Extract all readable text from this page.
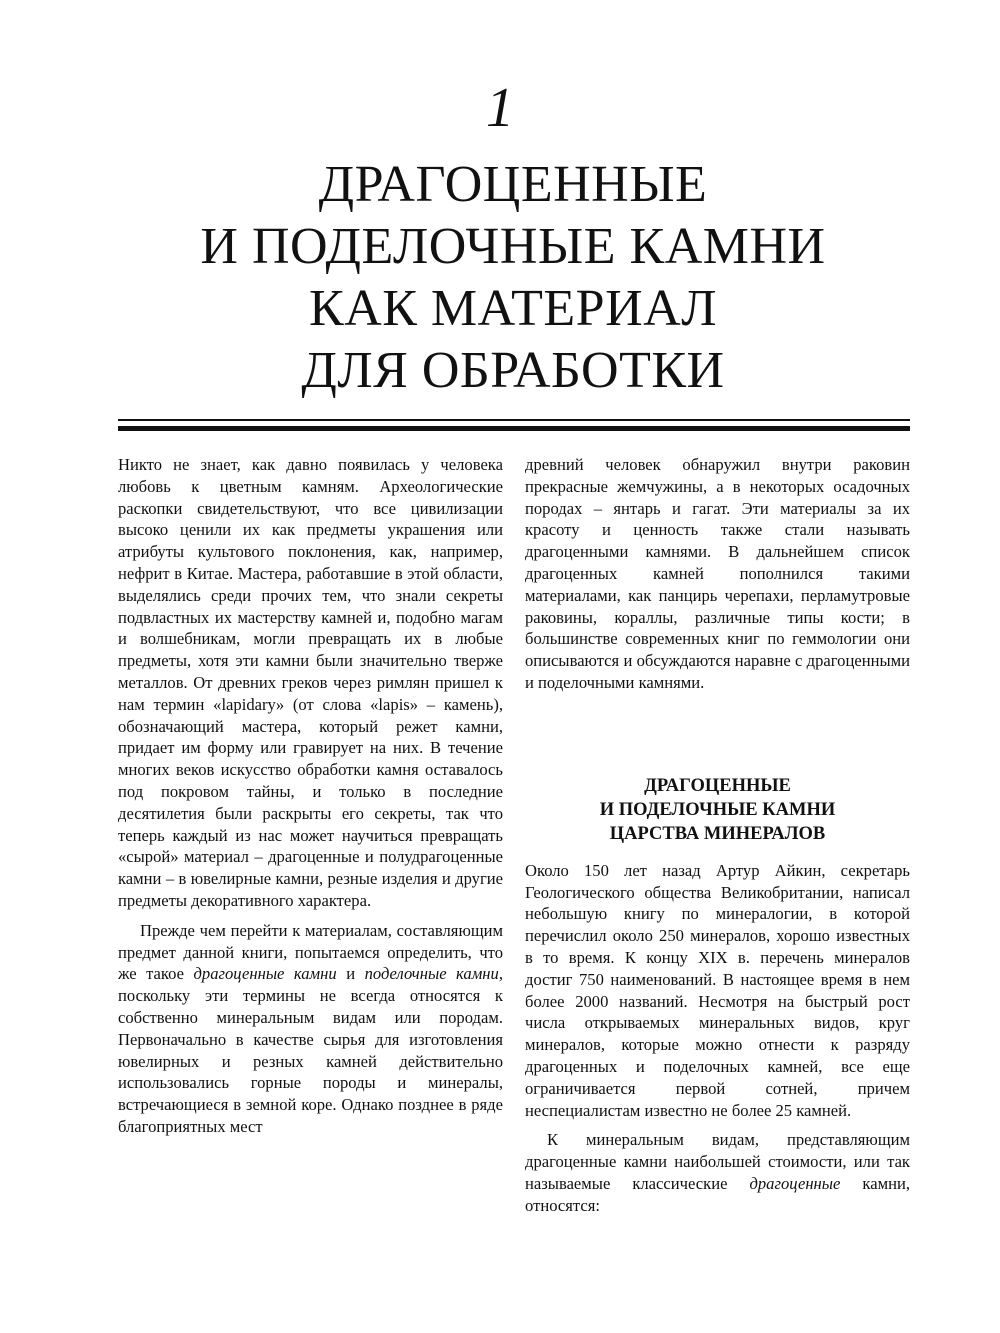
1
ДРАГОЦЕННЫЕ
И ПОДЕЛОЧНЫЕ КАМНИ
КАК МАТЕРИАЛ
ДЛЯ ОБРАБОТКИ

Никто не знает, как давно появилась у человека любовь к цветным камням. Археологические раскопки свидетельствуют, что все цивилизации высоко ценили их как предметы украшения или атрибуты культового поклонения, как, например, нефрит в Китае. Мастера, работавшие в этой области, выделялись среди прочих тем, что знали секреты подвластных их мастерству камней и, подобно магам и волшебникам, могли превращать их в любые предметы, хотя эти камни были значительно тверже металлов. От древних греков через римлян пришел к нам термин «lapidary» (от слова «lapis» – камень), обозначающий мастера, который режет камни, придает им форму или гравирует на них. В течение многих веков искусство обработки камня оставалось под покровом тайны, и только в последние десятилетия были раскрыты его секреты, так что теперь каждый из нас может научиться превращать «сырой» материал – драгоценные и полудрагоценные камни – в ювелирные камни, резные изделия и другие предметы декоративного характера.

Прежде чем перейти к материалам, составляющим предмет данной книги, попытаемся определить, что же такое драгоценные камни и поделочные камни, поскольку эти термины не всегда относятся к собственно минеральным видам или породам. Первоначально в качестве сырья для изготовления ювелирных и резных камней действительно использовались горные породы и минералы, встречающиеся в земной коре. Однако позднее в ряде благоприятных мест

древний человек обнаружил внутри раковин прекрасные жемчужины, а в некоторых осадочных породах – янтарь и гагат. Эти материалы за их красоту и ценность также стали называть драгоценными камнями. В дальнейшем список драгоценных камней пополнился такими материалами, как панцирь черепахи, перламутровые раковины, кораллы, различные типы кости; в большинстве современных книг по геммологии они описываются и обсуждаются наравне с драгоценными и поделочными камнями.

ДРАГОЦЕННЫЕ
И ПОДЕЛОЧНЫЕ КАМНИ
ЦАРСТВА МИНЕРАЛОВ

Около 150 лет назад Артур Айкин, секретарь Геологического общества Великобритании, написал небольшую книгу по минералогии, в которой перечислил около 250 минералов, хорошо известных в то время. К концу XIX в. перечень минералов достиг 750 наименований. В настоящее время в нем более 2000 названий. Несмотря на быстрый рост числа открываемых минеральных видов, круг минералов, которые можно отнести к разряду драгоценных и поделочных камней, все еще ограничивается первой сотней, причем неспециалистам известно не более 25 камней.

К минеральным видам, представляющим драгоценные камни наибольшей стоимости, или так называемые классические драгоценные камни, относятся:
